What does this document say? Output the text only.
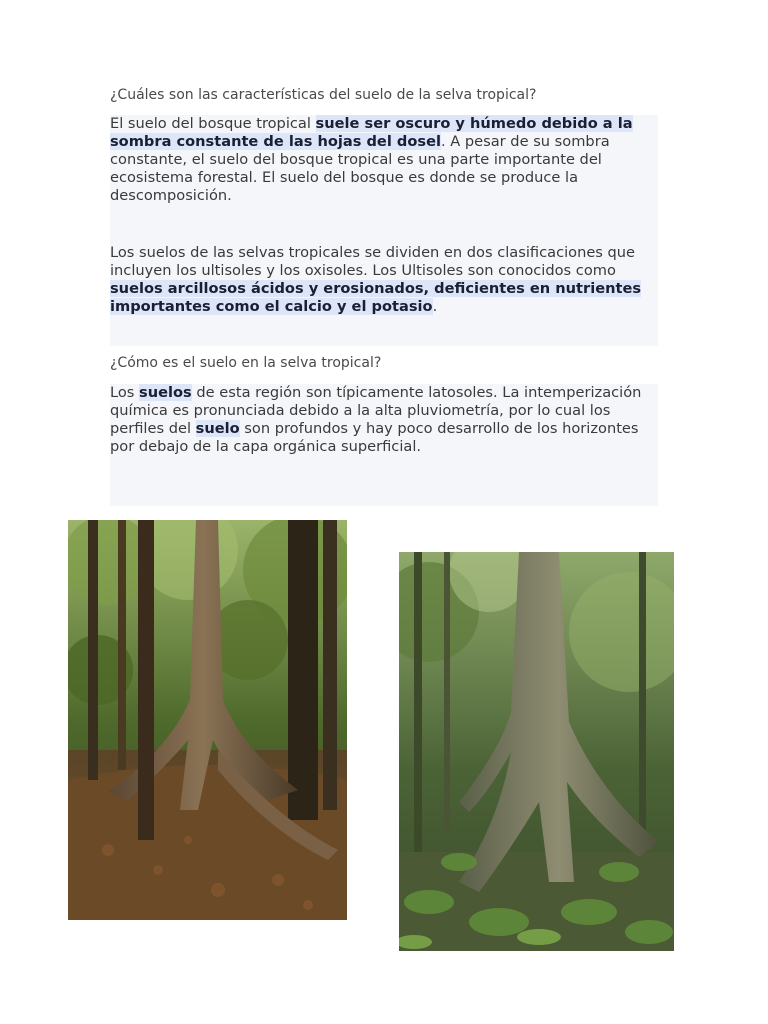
¿Cuáles son las características del suelo de la selva tropical?

El suelo del bosque tropical suele ser oscuro y húmedo debido a la sombra constante de las hojas del dosel. A pesar de su sombra constante, el suelo del bosque tropical es una parte importante del ecosistema forestal. El suelo del bosque es donde se produce la descomposición.

Los suelos de las selvas tropicales se dividen en dos clasificaciones que incluyen los ultisoles y los oxisoles. Los Ultisoles son conocidos como suelos arcillosos ácidos y erosionados, deficientes en nutrientes importantes como el calcio y el potasio.

¿Cómo es el suelo en la selva tropical?

Los suelos de esta región son típicamente latosoles. La intemperización química es pronunciada debido a la alta pluviometría, por lo cual los perfiles del suelo son profundos y hay poco desarrollo de los horizontes por debajo de la capa orgánica superficial.
